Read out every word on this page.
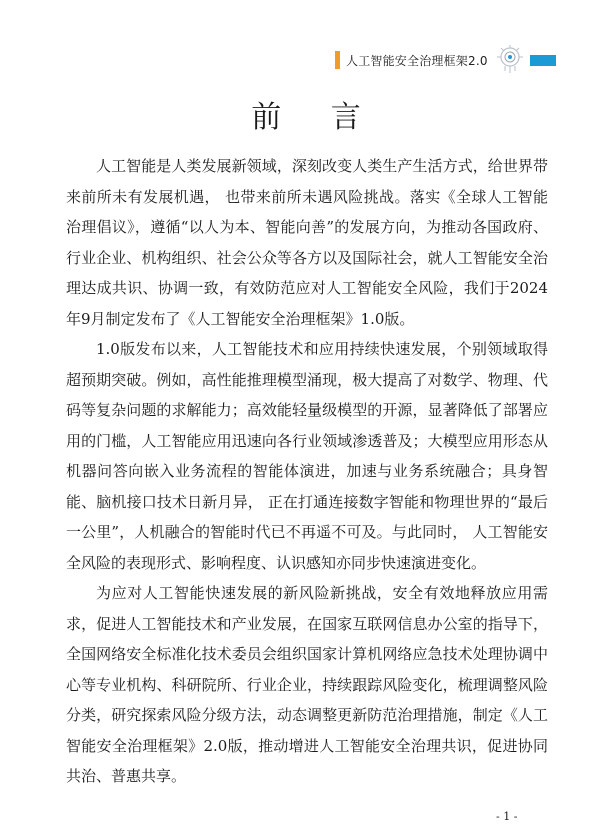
人工智能安全治理框架2.0
前 言

人工智能是人类发展新领域，深刻改变人类生产生活方式，给世界带来前所未有发展机遇， 也带来前所未遇风险挑战。落实《全球人工智能治理倡议》，遵循“以人为本、智能向善”的发展方向，为推动各国政府、行业企业、机构组织、社会公众等各方以及国际社会，就人工智能安全治理达成共识、协调一致，有效防范应对人工智能安全风险，我们于2024年9月制定发布了《人工智能安全治理框架》1.0版。

1.0版发布以来，人工智能技术和应用持续快速发展，个别领域取得超预期突破。例如，高性能推理模型涌现，极大提高了对数学、物理、代码等复杂问题的求解能力；高效能轻量级模型的开源，显著降低了部署应用的门槛，人工智能应用迅速向各行业领域渗透普及；大模型应用形态从机器问答向嵌入业务流程的智能体演进，加速与业务系统融合；具身智能、脑机接口技术日新月异， 正在打通连接数字智能和物理世界的“最后一公里”，人机融合的智能时代已不再遥不可及。与此同时， 人工智能安全风险的表现形式、影响程度、认识感知亦同步快速演进变化。

为应对人工智能快速发展的新风险新挑战，安全有效地释放应用需求，促进人工智能技术和产业发展，在国家互联网信息办公室的指导下，全国网络安全标准化技术委员会组织国家计算机网络应急技术处理协调中心等专业机构、科研院所、行业企业，持续跟踪风险变化，梳理调整风险分类，研究探索风险分级方法，动态调整更新防范治理措施，制定《人工智能安全治理框架》2.0版，推动增进人工智能安全治理共识，促进协同共治、普惠共享。

- 1 -
